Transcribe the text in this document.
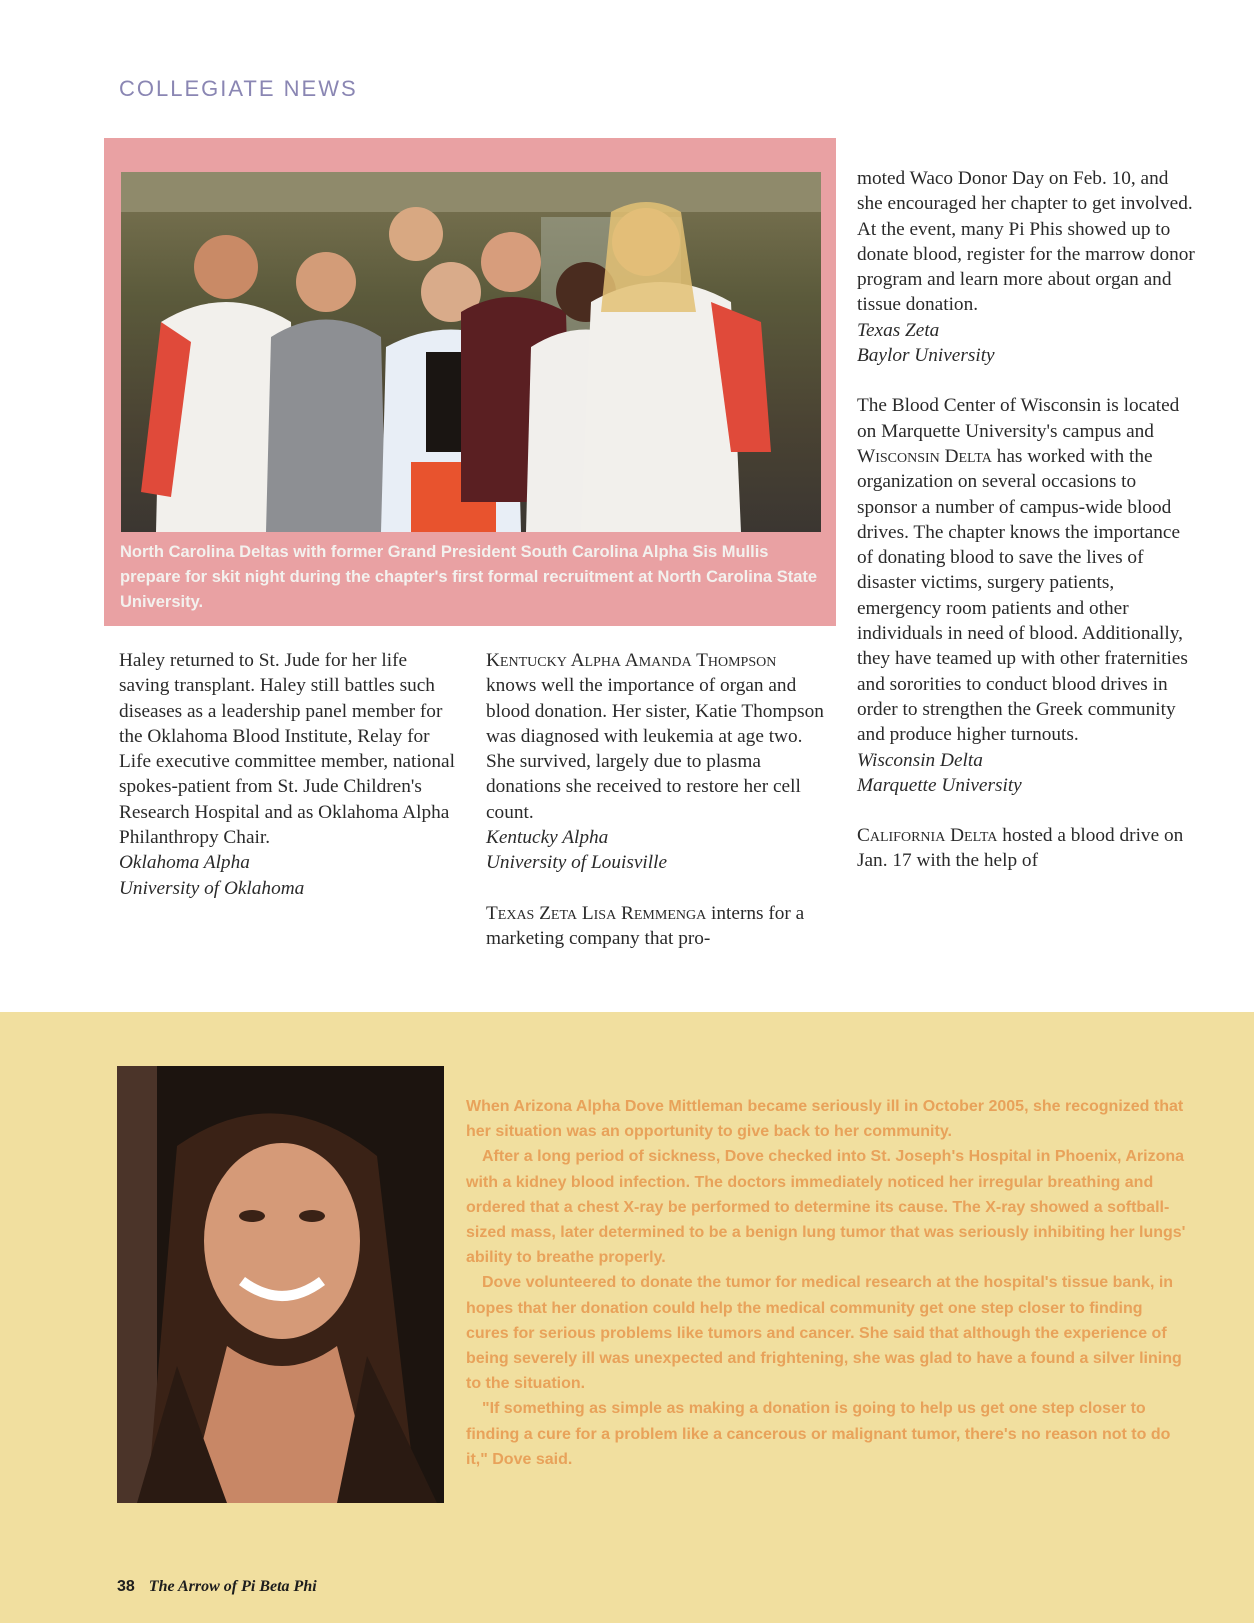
COLLEGIATE NEWS
North Carolina Deltas with former Grand President South Carolina Alpha Sis Mullis prepare for skit night during the chapter's first formal recruitment at North Carolina State University.

Haley returned to St. Jude for her life saving transplant. Haley still battles such diseases as a leadership panel member for the Oklahoma Blood Institute, Relay for Life executive committee member, national spokes-patient from St. Jude Children's Research Hospital and as Oklahoma Alpha Philanthropy Chair.

Oklahoma Alpha
University of Oklahoma

Kentucky Alpha Amanda Thompson knows well the importance of organ and blood donation. Her sister, Katie Thompson was diagnosed with leukemia at age two. She survived, largely due to plasma donations she received to restore her cell count.

Kentucky Alpha
University of Louisville

Texas Zeta Lisa Remmenga interns for a marketing company that pro-

moted Waco Donor Day on Feb. 10, and she encouraged her chapter to get involved. At the event, many Pi Phis showed up to donate blood, register for the marrow donor program and learn more about organ and tissue donation.

Texas Zeta
Baylor University

The Blood Center of Wisconsin is located on Marquette University's campus and Wisconsin Delta has worked with the organization on several occasions to sponsor a number of campus-wide blood drives. The chapter knows the importance of donating blood to save the lives of disaster victims, surgery patients, emergency room patients and other individuals in need of blood. Additionally, they have teamed up with other fraternities and sororities to conduct blood drives in order to strengthen the Greek community and produce higher turnouts.

Wisconsin Delta
Marquette University

California Delta hosted a blood drive on Jan. 17 with the help of

When Arizona Alpha Dove Mittleman became seriously ill in October 2005, she recognized that her situation was an opportunity to give back to her community.

After a long period of sickness, Dove checked into St. Joseph's Hospital in Phoenix, Arizona with a kidney blood infection. The doctors immediately noticed her irregular breathing and ordered that a chest X-ray be performed to determine its cause. The X-ray showed a softball-sized mass, later determined to be a benign lung tumor that was seriously inhibiting her lungs' ability to breathe properly.

Dove volunteered to donate the tumor for medical research at the hospital's tissue bank, in hopes that her donation could help the medical community get one step closer to finding cures for serious problems like tumors and cancer. She said that although the experience of being severely ill was unexpected and frightening, she was glad to have a found a silver lining to the situation.

"If something as simple as making a donation is going to help us get one step closer to finding a cure for a problem like a cancerous or malignant tumor, there's no reason not to do it," Dove said.

38 The Arrow of Pi Beta Phi
